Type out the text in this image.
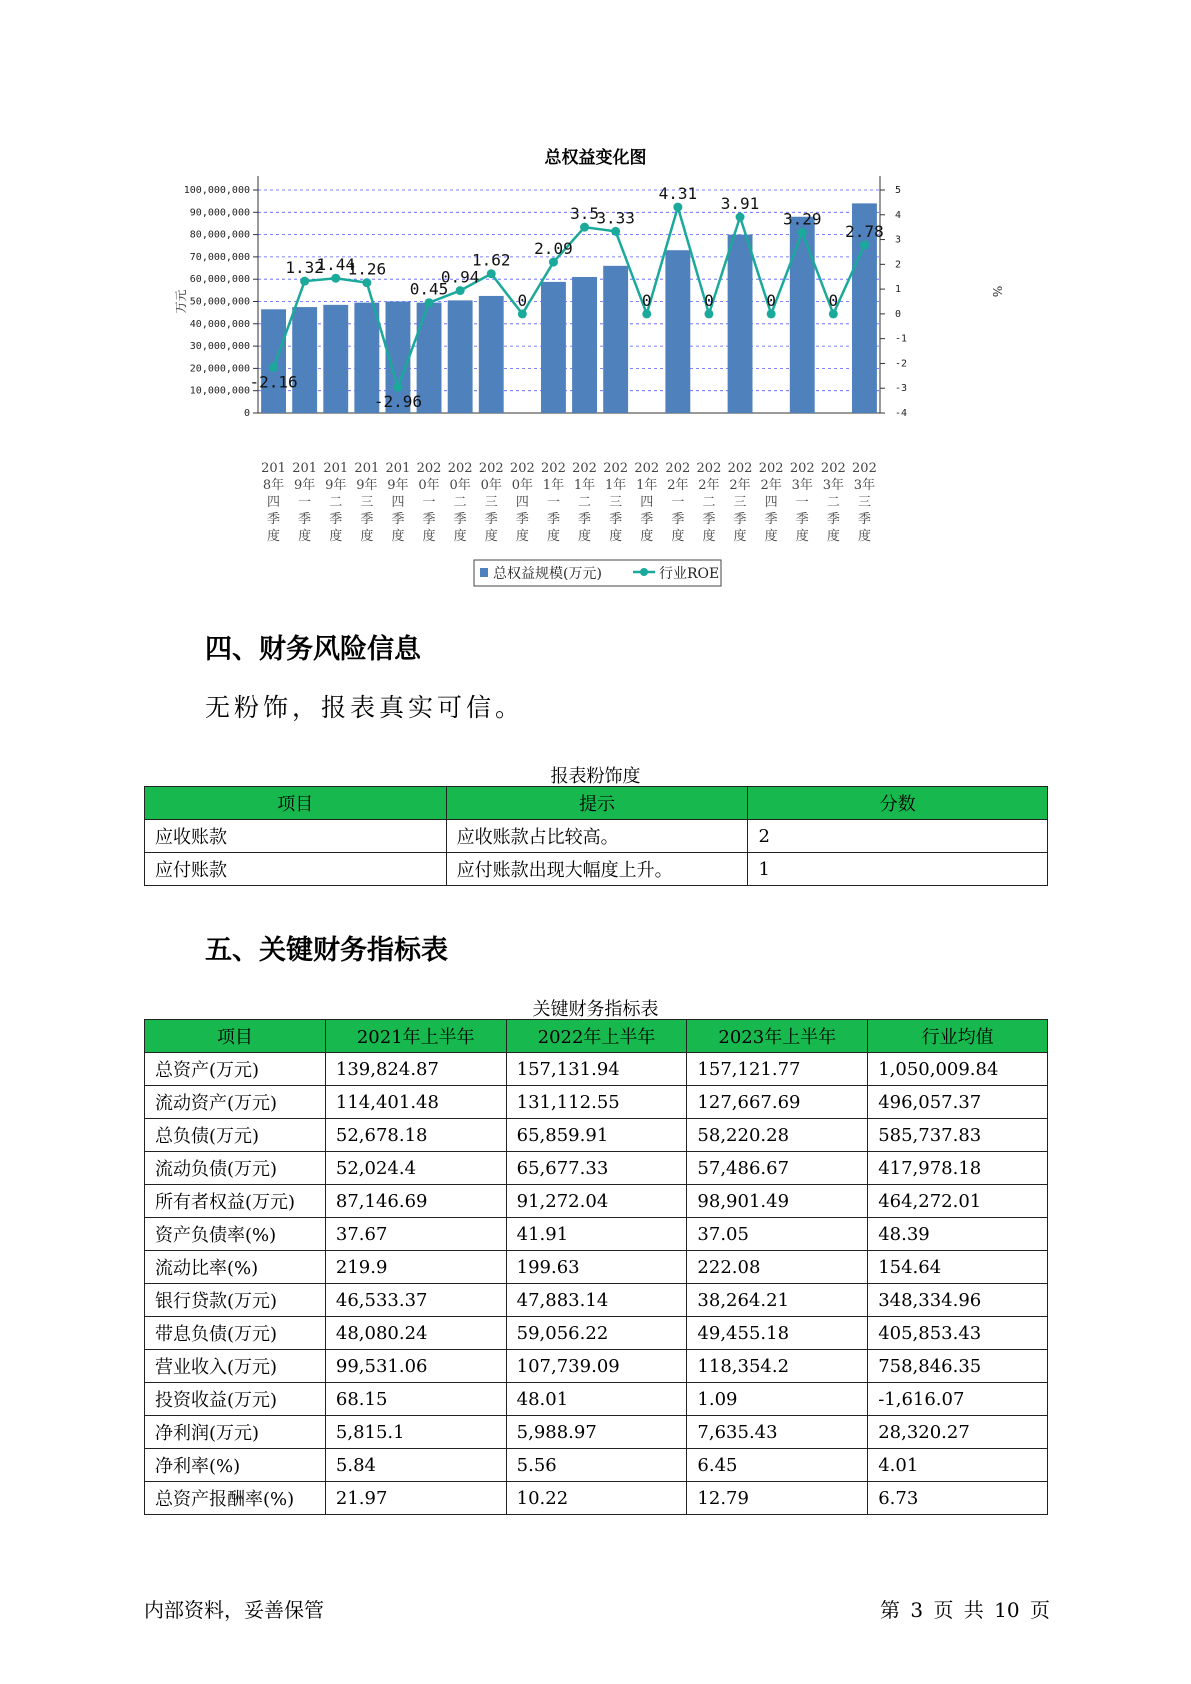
总权益变化图
0
10,000,000
20,000,000
30,000,000
40,000,000
50,000,000
60,000,000
70,000,000
80,000,000
90,000,000
100,000,000
-4
-3
-2
-1
0
1
2
3
4
5
万元	%
201 8年四季度
201 9年一季度
201 9年二季度
201 9年三季度
201 9年四季度
202 0年一季度
202 0年二季度
202 0年三季度
202 0年四季度
202 1年一季度
202 1年二季度
202 1年三季度
202 1年四季度
202 2年一季度
202 2年二季度
202 2年三季度
202 2年四季度
202 3年一季度
202 3年二季度
202 3年三季度
-2.16
1.32
1.44
1.26
-2.96
0.45
0.94
1.62
0
2.09
3.5
3.33
0
4.31
0
3.91
0
3.29
0
2.78
总权益规模(万元)	行业ROE
四、财务风险信息
无粉饰，报表真实可信。
报表粉饰度
项目	提示	分数
应收账款	应收账款占比较高。	2
应付账款	应付账款出现大幅度上升。	1
五、关键财务指标表
关键财务指标表
项目	2021年上半年	2022年上半年	2023年上半年	行业均值
总资产(万元)	139,824.87	157,131.94	157,121.77	1,050,009.84
流动资产(万元)	114,401.48	131,112.55	127,667.69	496,057.37
总负债(万元)	52,678.18	65,859.91	58,220.28	585,737.83
流动负债(万元)	52,024.4	65,677.33	57,486.67	417,978.18
所有者权益(万元)	87,146.69	91,272.04	98,901.49	464,272.01
资产负债率(%)	37.67	41.91	37.05	48.39
流动比率(%)	219.9	199.63	222.08	154.64
银行贷款(万元)	46,533.37	47,883.14	38,264.21	348,334.96
带息负债(万元)	48,080.24	59,056.22	49,455.18	405,853.43
营业收入(万元)	99,531.06	107,739.09	118,354.2	758,846.35
投资收益(万元)	68.15	48.01	1.09	-1,616.07
净利润(万元)	5,815.1	5,988.97	7,635.43	28,320.27
净利率(%)	5.84	5.56	6.45	4.01
总资产报酬率(%)	21.97	10.22	12.79	6.73
内部资料，妥善保管	第 3 页 共 10 页
